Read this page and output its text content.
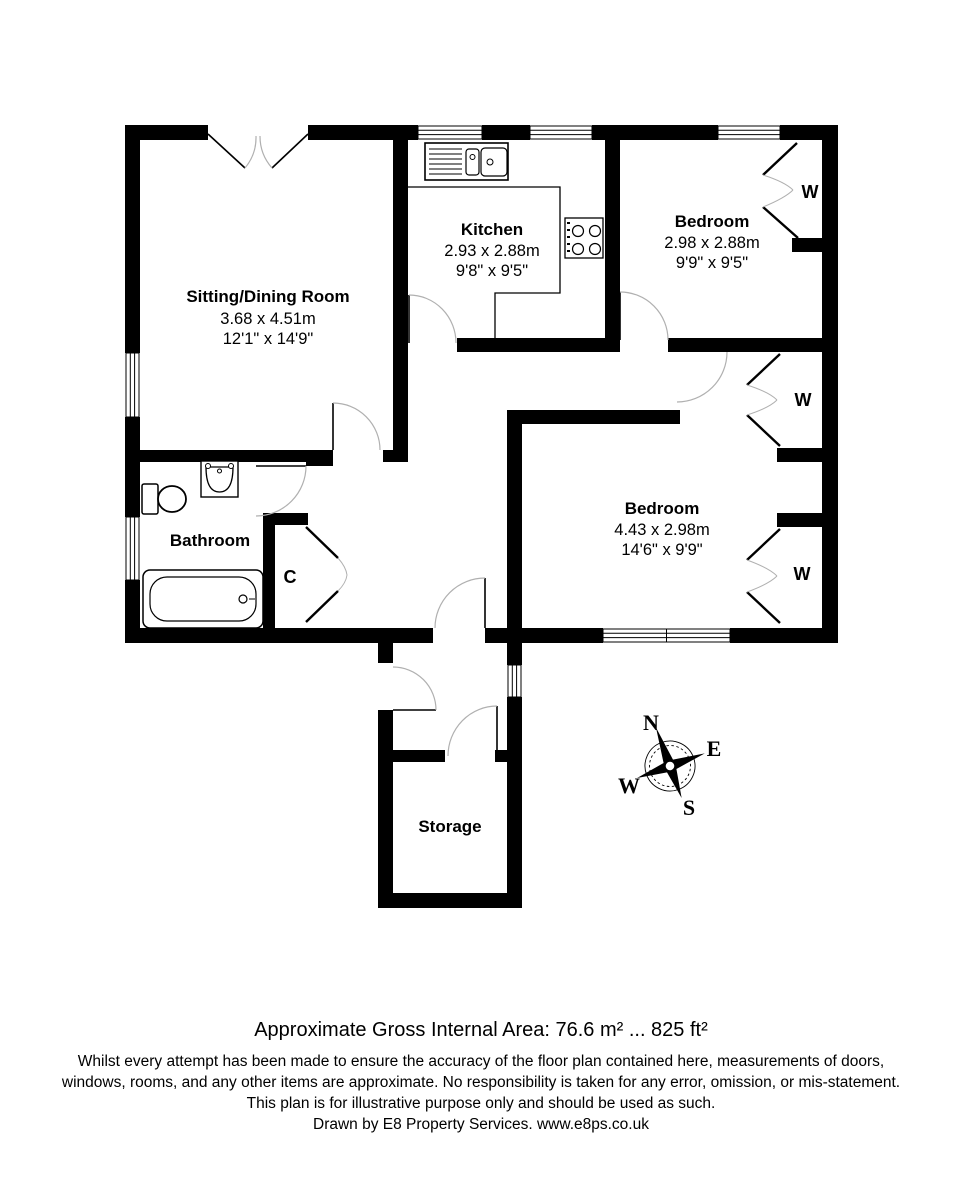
N
E
W
S
Sitting/Dining Room
3.68 x 4.51m
12'1" x 14'9"
Kitchen
2.93 x 2.88m
9'8" x 9'5"
Bedroom
2.98 x 2.88m
9'9" x 9'5"
Bedroom
4.43 x 2.98m
14'6" x 9'9"
Bathroom
Storage
C
W
W
W
Approximate Gross Internal Area: 76.6 m² ... 825 ft²
Whilst every attempt has been made to ensure the accuracy of the floor plan contained here, measurements of doors,
windows, rooms, and any other items are approximate. No responsibility is taken for any error, omission, or mis-statement.
This plan is for illustrative purpose only and should be used as such.
Drawn by E8 Property Services. www.e8ps.co.uk
